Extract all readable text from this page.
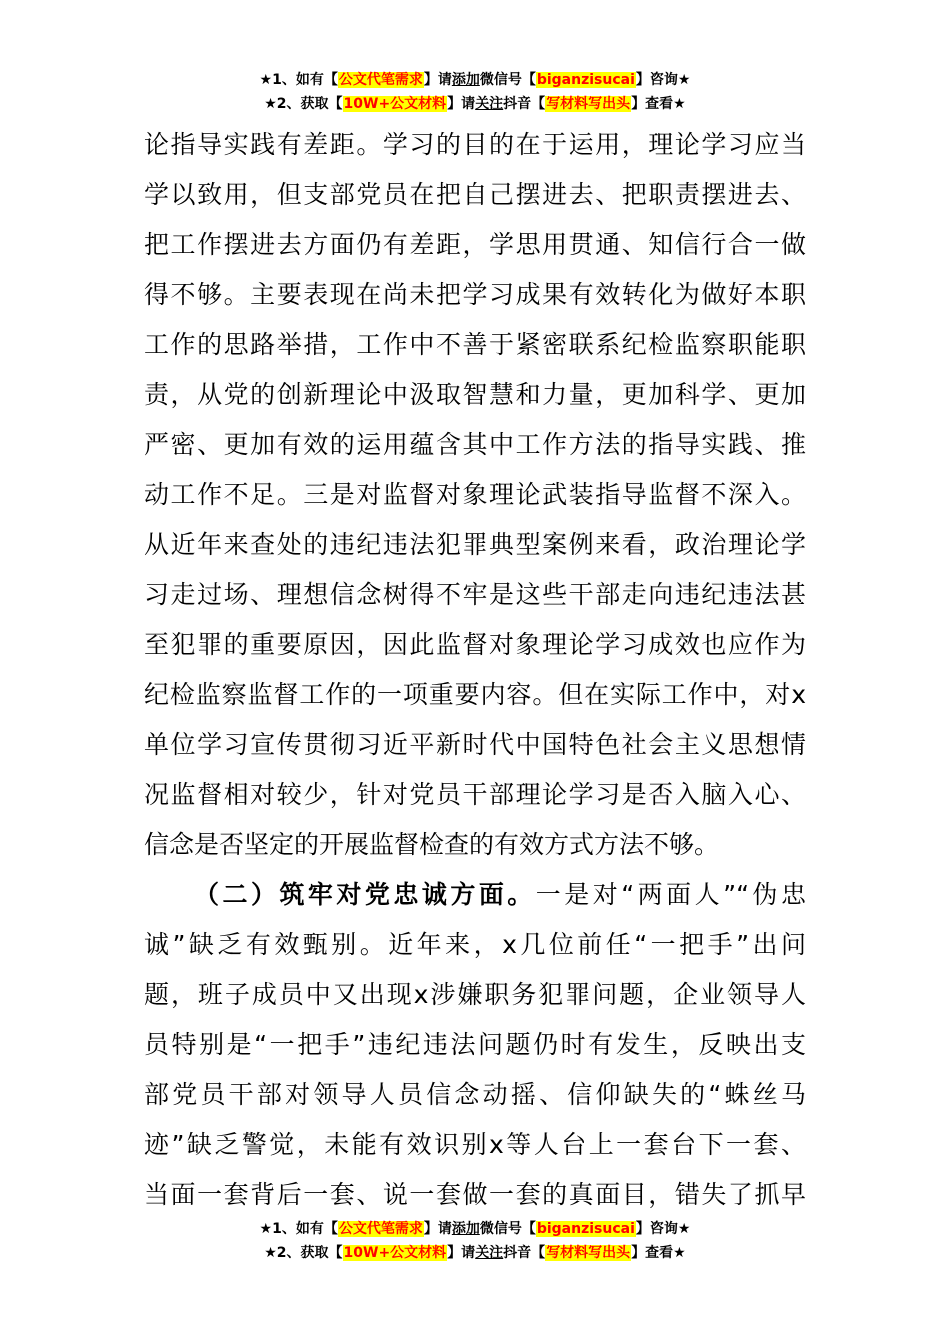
★1、如有【公文代笔需求】请添加微信号【biganzisucai】咨询★
★2、获取【10W+公文材料】请关注抖音【写材料写出头】查看★
论指导实践有差距。学习的目的在于运用，理论学习应当
学以致用，但支部党员在把自己摆进去、把职责摆进去、
把工作摆进去方面仍有差距，学思用贯通、知信行合一做
得不够。主要表现在尚未把学习成果有效转化为做好本职
工作的思路举措，工作中不善于紧密联系纪检监察职能职
责，从党的创新理论中汲取智慧和力量，更加科学、更加
严密、更加有效的运用蕴含其中工作方法的指导实践、推
动工作不足。三是对监督对象理论武装指导监督不深入。
从近年来查处的违纪违法犯罪典型案例来看，政治理论学
习走过场、理想信念树得不牢是这些干部走向违纪违法甚
至犯罪的重要原因，因此监督对象理论学习成效也应作为
纪检监察监督工作的一项重要内容。但在实际工作中，对x
单位学习宣传贯彻习近平新时代中国特色社会主义思想情
况监督相对较少，针对党员干部理论学习是否入脑入心、
信念是否坚定的开展监督检查的有效方式方法不够。
（二）筑牢对党忠诚方面。一是对“两面人”“伪忠
诚”缺乏有效甄别。近年来，x几位前任“一把手”出问
题，班子成员中又出现x涉嫌职务犯罪问题，企业领导人
员特别是“一把手”违纪违法问题仍时有发生，反映出支
部党员干部对领导人员信念动摇、信仰缺失的“蛛丝马
迹”缺乏警觉，未能有效识别x等人台上一套台下一套、
当面一套背后一套、说一套做一套的真面目，错失了抓早
★1、如有【公文代笔需求】请添加微信号【biganzisucai】咨询★
★2、获取【10W+公文材料】请关注抖音【写材料写出头】查看★
